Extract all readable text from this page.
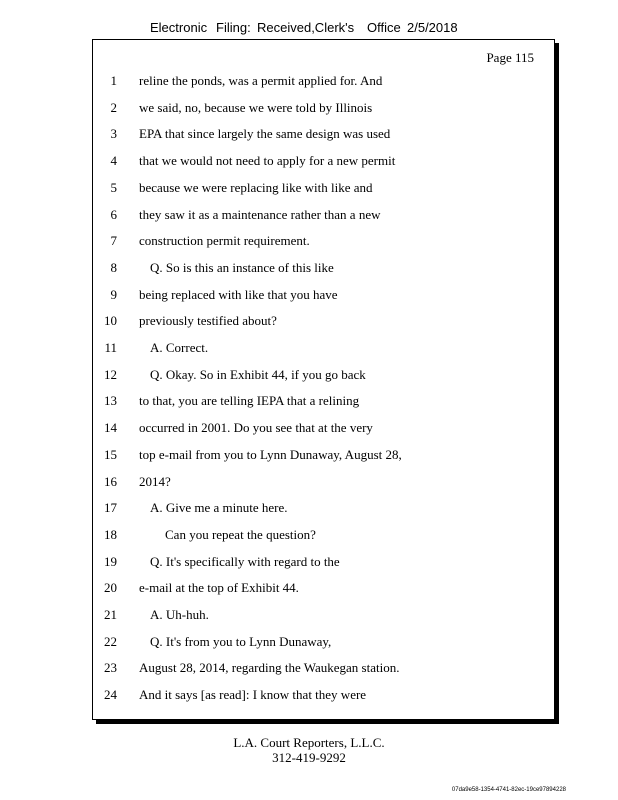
Electronic Filing: Received,Clerk's Office 2/5/2018
Page 115
1 reline the ponds, was a permit applied for. And
2 we said, no, because we were told by Illinois
3 EPA that since largely the same design was used
4 that we would not need to apply for a new permit
5 because we were replacing like with like and
6 they saw it as a maintenance rather than a new
7 construction permit requirement.
8	Q. So is this an instance of this like
9 being replaced with like that you have
10 previously testified about?
11	A. Correct.
12	Q. Okay. So in Exhibit 44, if you go back
13 to that, you are telling IEPA that a relining
14 occurred in 2001. Do you see that at the very
15 top e-mail from you to Lynn Dunaway, August 28,
16 2014?
17	A. Give me a minute here.
18	Can you repeat the question?
19	Q. It's specifically with regard to the
20 e-mail at the top of Exhibit 44.
21	A. Uh-huh.
22	Q. It's from you to Lynn Dunaway,
23 August 28, 2014, regarding the Waukegan station.
24 And it says [as read]: I know that they were
L.A. Court Reporters, L.L.C.
312-419-9292
07da9e58-1354-4741-82ec-19ce97894228
